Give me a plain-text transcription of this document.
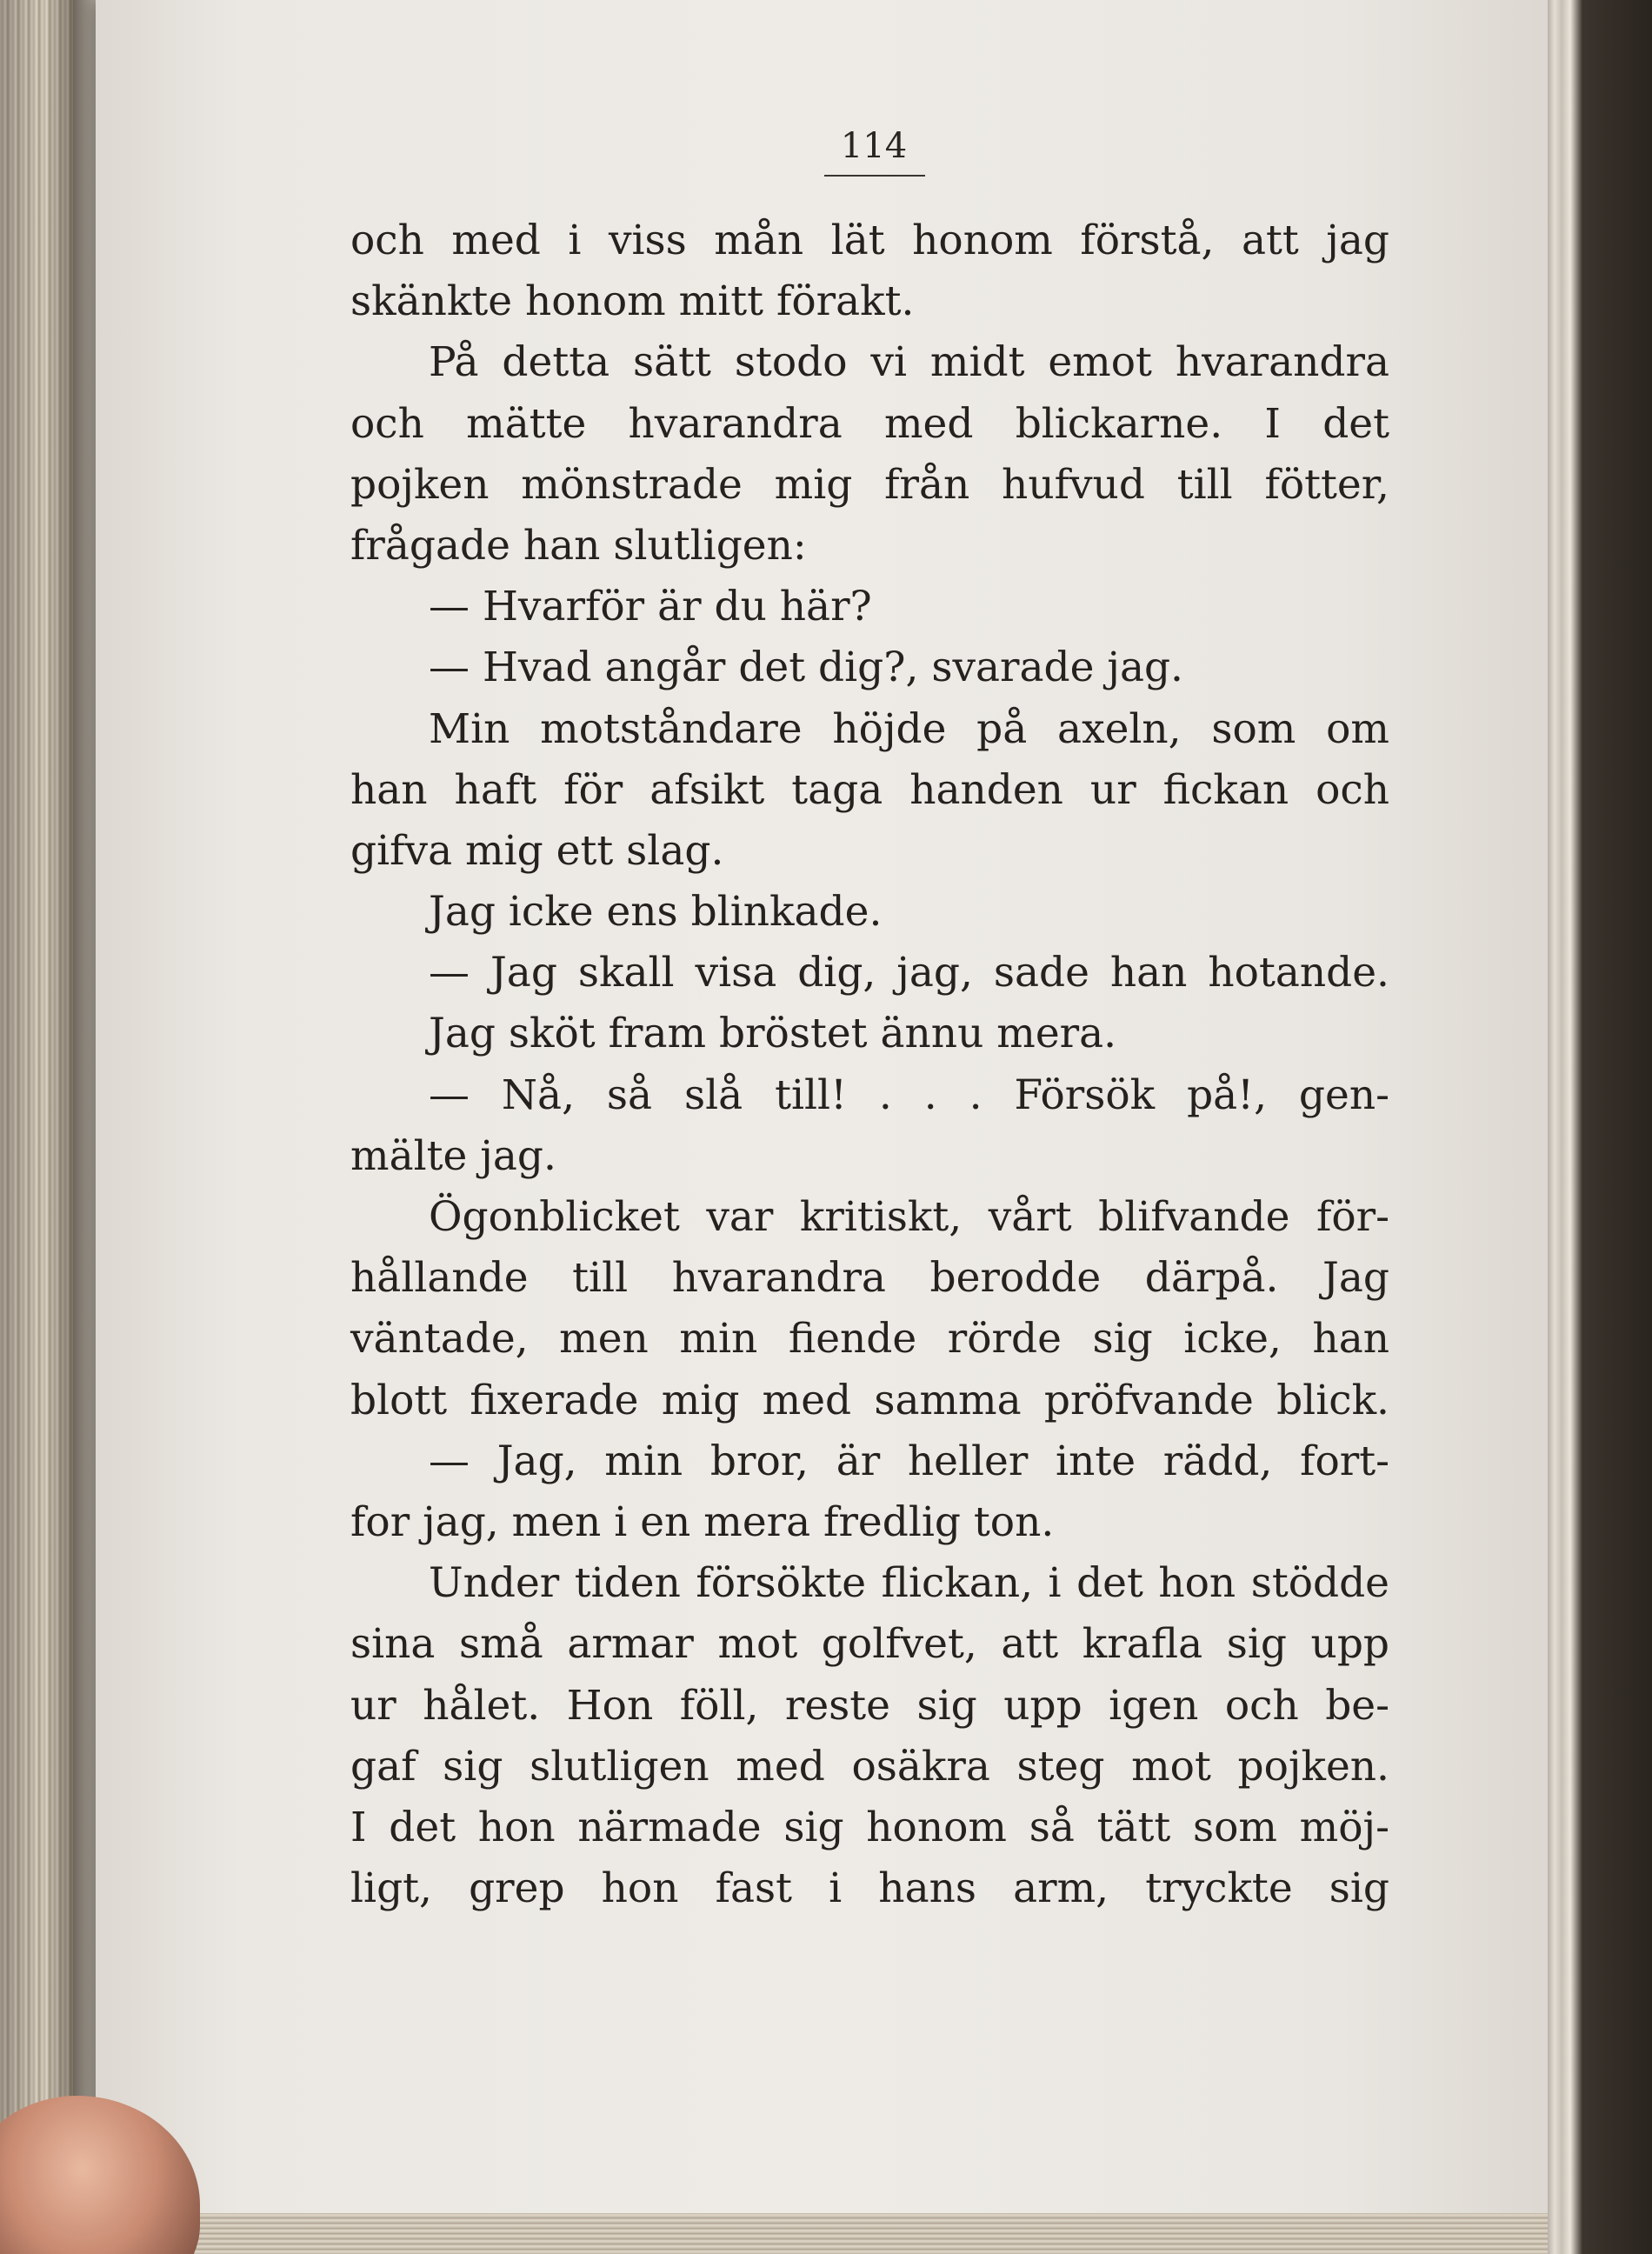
114
och med i viss mån lät honom förstå, att jag
skänkte honom mitt förakt.
På detta sätt stodo vi midt emot hvarandra
och mätte hvarandra med blickarne. I det
pojken mönstrade mig från hufvud till fötter,
frågade han slutligen:
— Hvarför är du här?
— Hvad angår det dig?, svarade jag.
Min motståndare höjde på axeln, som om
han haft för afsikt taga handen ur fickan och
gifva mig ett slag.
Jag icke ens blinkade.
— Jag skall visa dig, jag, sade han hotande.
Jag sköt fram bröstet ännu mera.
— Nå, så slå till! . . . Försök på!, gen-
mälte jag.
Ögonblicket var kritiskt, vårt blifvande för-
hållande till hvarandra berodde därpå. Jag
väntade, men min fiende rörde sig icke, han
blott fixerade mig med samma pröfvande blick.
— Jag, min bror, är heller inte rädd, fort-
for jag, men i en mera fredlig ton.
Under tiden försökte flickan, i det hon stödde
sina små armar mot golfvet, att krafla sig upp
ur hålet. Hon föll, reste sig upp igen och be-
gaf sig slutligen med osäkra steg mot pojken.
I det hon närmade sig honom så tätt som möj-
ligt, grep hon fast i hans arm, tryckte sig
